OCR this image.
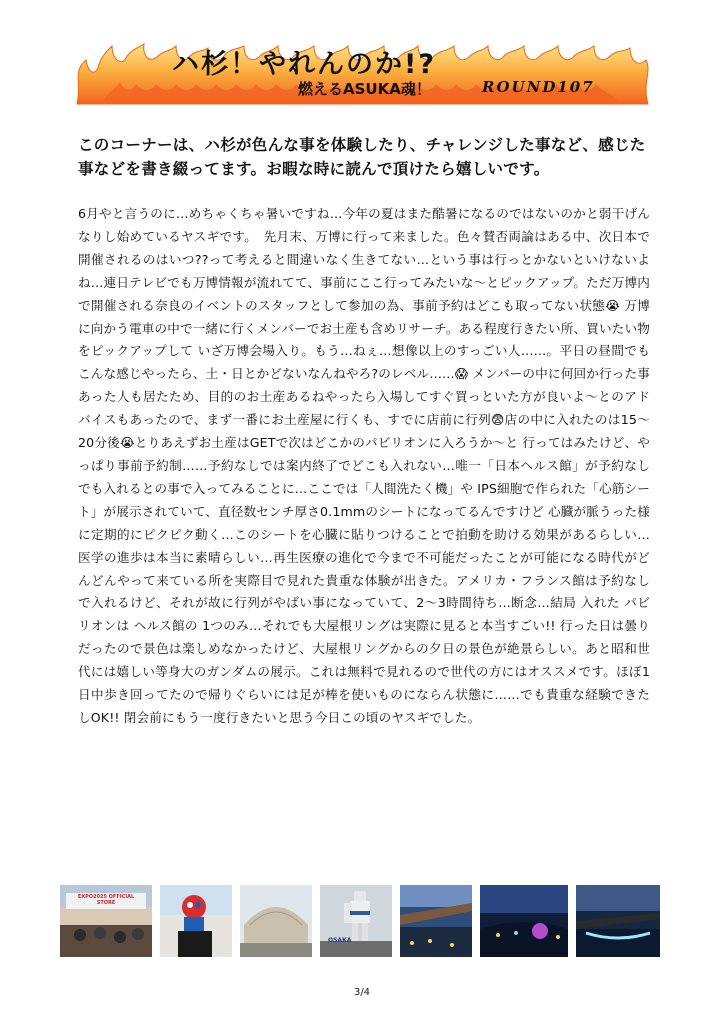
ハ杉！やれんのか!?
燃えるASUKA魂！	ROUND107
このコーナーは、ハ杉が色んな事を体験したり、チャレンジした事など、感じた事などを書き綴ってます。お暇な時に読んで頂けたら嬉しいです。
6月やと言うのに…めちゃくちゃ暑いですね…今年の夏はまた酷暑になるのではないのかと弱干げんなりし始めているヤスギです。　先月末、万博に行って来ました。色々賛否両論はある中、次日本で開催されるのはいつ??って考えると間違いなく生きてない…という事は行っとかないといけないよね…連日テレビでも万博情報が流れてて、事前にここ行ってみたいな～とピックアップ。ただ万博内で開催される奈良のイベントのスタッフとして参加の為、事前予約はどこも取ってない状態😭 万博に向かう電車の中で一緒に行くメンバーでお土産も含めリサーチ。ある程度行きたい所、買いたい物をピックアップして いざ万博会場入り。もう…ねぇ…想像以上のすっごい人……。平日の昼間でもこんな感じやったら、土・日とかどないなんねやろ?のレベル……😱 メンバーの中に何回か行った事あった人も居たため、目的のお土産あるねやったら入場してすぐ買っといた方が良いよ～とのアドバイスもあったので、まず一番にお土産屋に行くも、すでに店前に行列😨店の中に入れたのは15～20分後😭とりあえずお土産はGETで次はどこかのパビリオンに入ろうか～と 行ってはみたけど、やっぱり事前予約制……予約なしでは案内終了でどこも入れない…唯一「日本ヘルス館」が予約なしでも入れるとの事で入ってみることに…ここでは「人間洗たく機」や IPS細胞で作られた「心筋シート」が展示されていて、直径数センチ厚さ0.1mmのシートになってるんですけど 心臓が脈うった様に定期的にピクピク動く…このシートを心臓に貼りつけることで拍動を助ける効果があるらしい…医学の進歩は本当に素晴らしい…再生医療の進化で今まで不可能だったことが可能になる時代がどんどんやって来ている所を実際目で見れた貴重な体験が出きた。アメリカ・フランス館は予約なしで入れるけど、それが故に行列がやばい事になっていて、2～3時間待ち…断念…結局 入れた パビリオンは ヘルス館の 1つのみ…それでも大屋根リングは実際に見ると本当すごい!! 行った日は曇りだったので景色は楽しめなかったけど、大屋根リングからの夕日の景色が絶景らしい。あと昭和世代には嬉しい等身大のガンダムの展示。これは無料で見れるので世代の方にはオススメです。ほぼ1日中歩き回ってたので帰りぐらいには足が棒を使いものにならん状態に……でも貴重な経験できたしOK!! 閉会前にもう一度行きたいと思う今日この頃のヤスギでした。
EXPO2025 OFFICIAL STORE
OSAKA
3/4
